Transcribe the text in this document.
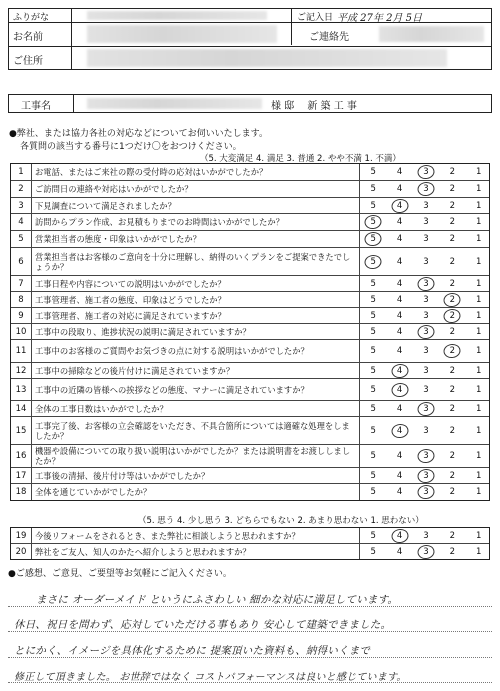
ふりがな
お名前
ご住所
ご記入日 平成 27年 2月 5日
ご連絡先
工事名	様 邸　 新 築 工 事
●弊社、または協力各社の対応などについてお伺いいたします。
各質問の該当する番号に1つだけ〇をおつけください。
（5. 大変満足 4. 満足 3. 普通 2. やや不満 1. 不満）
1	お電話、またはご来社の際の受付時の応対はいかがでしたか？	5 4 3 2 1
2	ご訪問日の連絡や対応はいかがでしたか？	5 4 3 2 1
3	下見調査について満足されましたか？	5 4 3 2 1
4	訪問からプラン作成、お見積もりまでのお時間はいかがでしたか？	5 4 3 2 1
5	営業担当者の態度・印象はいかがでしたか？	5 4 3 2 1
6	営業担当者はお客様のご意向を十分に理解し、納得のいくプランをご提案できたでしょうか？	5 4 3 2 1
7	工事日程や内容についての説明はいかがでしたか？	5 4 3 2 1
8	工事管理者、施工者の態度、印象はどうでしたか？	5 4 3 2 1
9	工事管理者、施工者の対応に満足されていますか？	5 4 3 2 1
10	工事中の段取り、進捗状況の説明に満足されていますか？	5 4 3 2 1
11	工事中のお客様のご質問やお気づきの点に対する説明はいかがでしたか？	5 4 3 2 1
12	工事中の掃除などの後片付けに満足されていますか？	5 4 3 2 1
13	工事中の近隣の皆様への挨拶などの態度、マナーに満足されていますか？	5 4 3 2 1
14	全体の工事日数はいかがでしたか？	5 4 3 2 1
15	工事完了後、お客様の立会確認をいただき、不具合箇所については適確な処理をしましたか？	5 4 3 2 1
16	機器や設備についての取り扱い説明はいかがでしたか？または説明書をお渡ししましたか？	5 4 3 2 1
17	工事後の清掃、後片付け等はいかがでしたか？	5 4 3 2 1
18	全体を通じていかがでしたか？	5 4 3 2 1
（5. 思う 4. 少し思う 3. どちらでもない 2. あまり思わない 1. 思わない）
19	今後リフォームをされるとき、また弊社に相談しようと思われますか？	5 4 3 2 1
20	弊社をご友人、知人のかたへ紹介しようと思われますか？	5 4 3 2 1
●ご感想、ご意見、ご要望等お気軽にご記入ください。
まさに オーダーメイド というにふさわしい 細かな対応に満足しています。
休日、祝日を問わず、応対していただける事もあり 安心して建築できました。
とにかく、イメージを具体化するために 提案頂いた資料も、納得いくまで
修正して頂きました。 お世辞ではなく コストパフォーマンスは良いと感じています。
